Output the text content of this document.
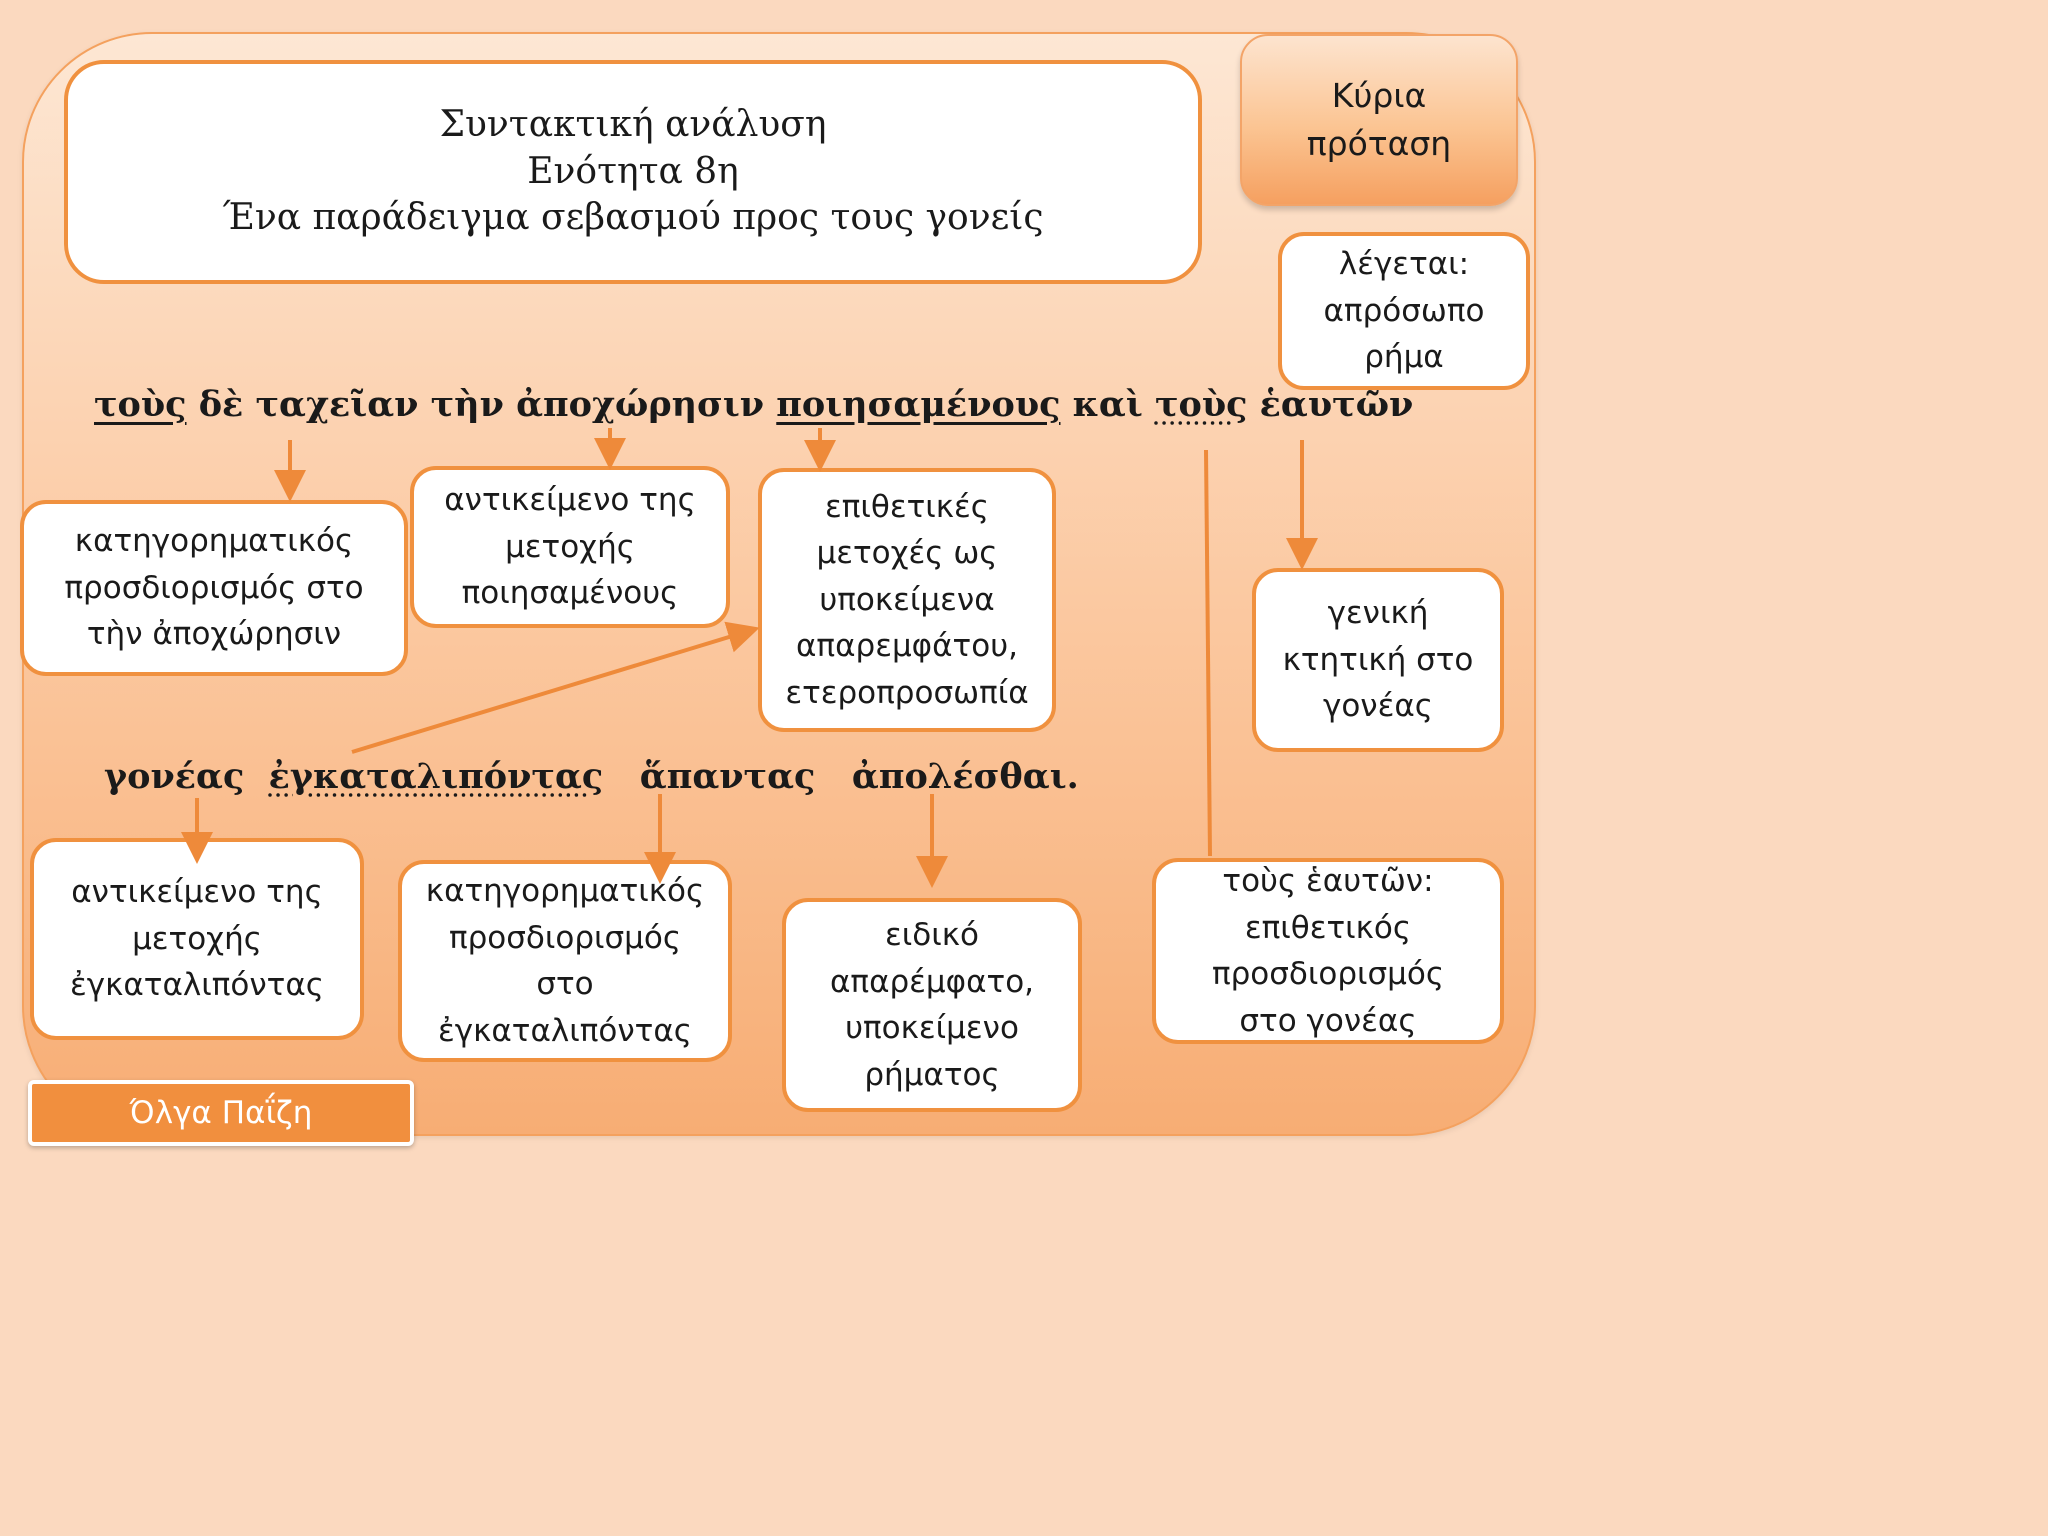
Συντακτική ανάλυση
Ενότητα 8η
Ένα παράδειγμα σεβασμού προς τους γονείς
Κύρια
πρόταση
λέγεται:
απρόσωπο
ρήμα
τοὺς δὲ ταχεῖαν τὴν ἀποχώρησιν ποιησαμένους καὶ τοὺς ἑαυτῶν
κατηγορηματικός
προσδιορισμός στο
τὴν ἀποχώρησιν
αντικείμενο της
μετοχής
ποιησαμένους
επιθετικές
μετοχές ως
υποκείμενα
απαρεμφάτου,
ετεροπροσωπία
γενική
κτητική στο
γονέας
γονέας ἐγκαταλιπόντας ἅπαντας ἀπολέσθαι.
αντικείμενο της
μετοχής
ἐγκαταλιπόντας
κατηγορηματικός
προσδιορισμός
στο
ἐγκαταλιπόντας
ειδικό
απαρέμφατο,
υποκείμενο
ρήματος
τοὺς ἑαυτῶν:
επιθετικός
προσδιορισμός
στο γονέας
Όλγα Παΐζη
